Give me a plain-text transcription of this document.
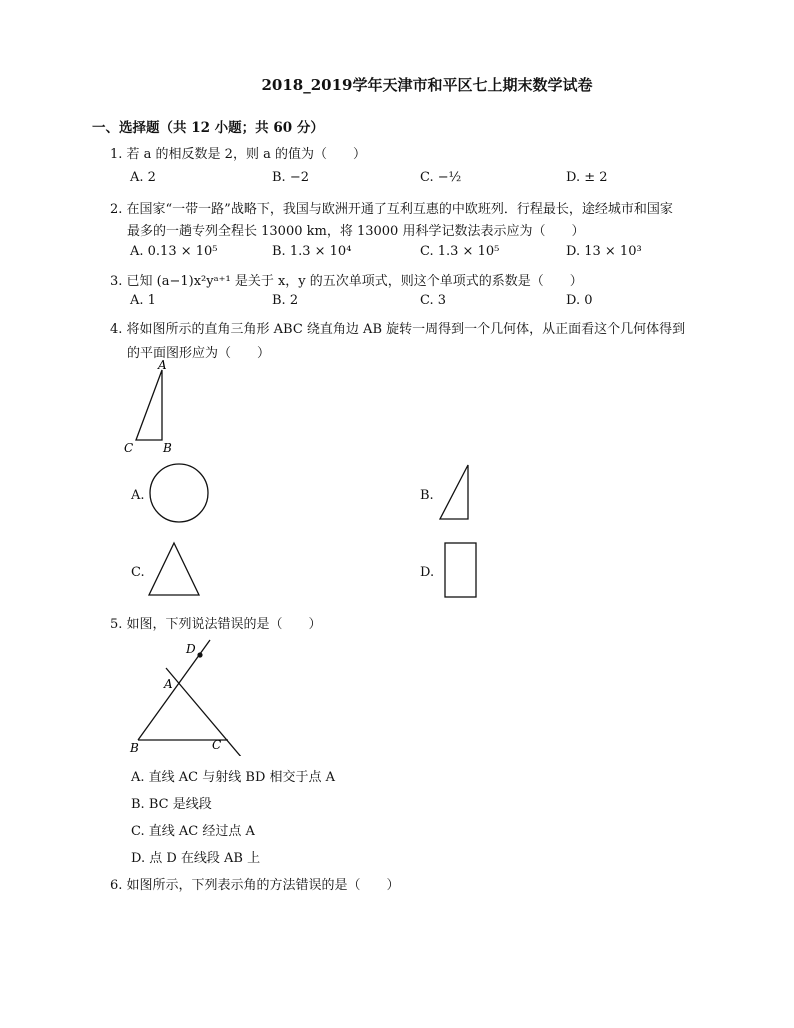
2018_2019学年天津市和平区七上期末数学试卷
一、选择题（共 12 小题；共 60 分）
1. 若 a 的相反数是 2，则 a 的值为（　　）
A. 2	B. −2	C. −½	D. ± 2
2. 在国家“一带一路”战略下，我国与欧洲开通了互利互惠的中欧班列．行程最长，途经城市和国家
最多的一趟专列全程长 13000 km，将 13000 用科学记数法表示应为（　　）
A. 0.13 × 10⁵	B. 1.3 × 10⁴	C. 1.3 × 10⁵	D. 13 × 10³
3. 已知 (a−1)x²yᵃ⁺¹ 是关于 x，y 的五次单项式，则这个单项式的系数是（　　）
A. 1	B. 2	C. 3	D. 0
4. 将如图所示的直角三角形 ABC 绕直角边 AB 旋转一周得到一个几何体，从正面看这个几何体得到
的平面图形应为（　　）
A
B
C
A.	B.
C.	D.
5. 如图，下列说法错误的是（　　）
D
A
B	C
A. 直线 AC 与射线 BD 相交于点 A
B. BC 是线段
C. 直线 AC 经过点 A
D. 点 D 在线段 AB 上
6. 如图所示，下列表示角的方法错误的是（　　）
